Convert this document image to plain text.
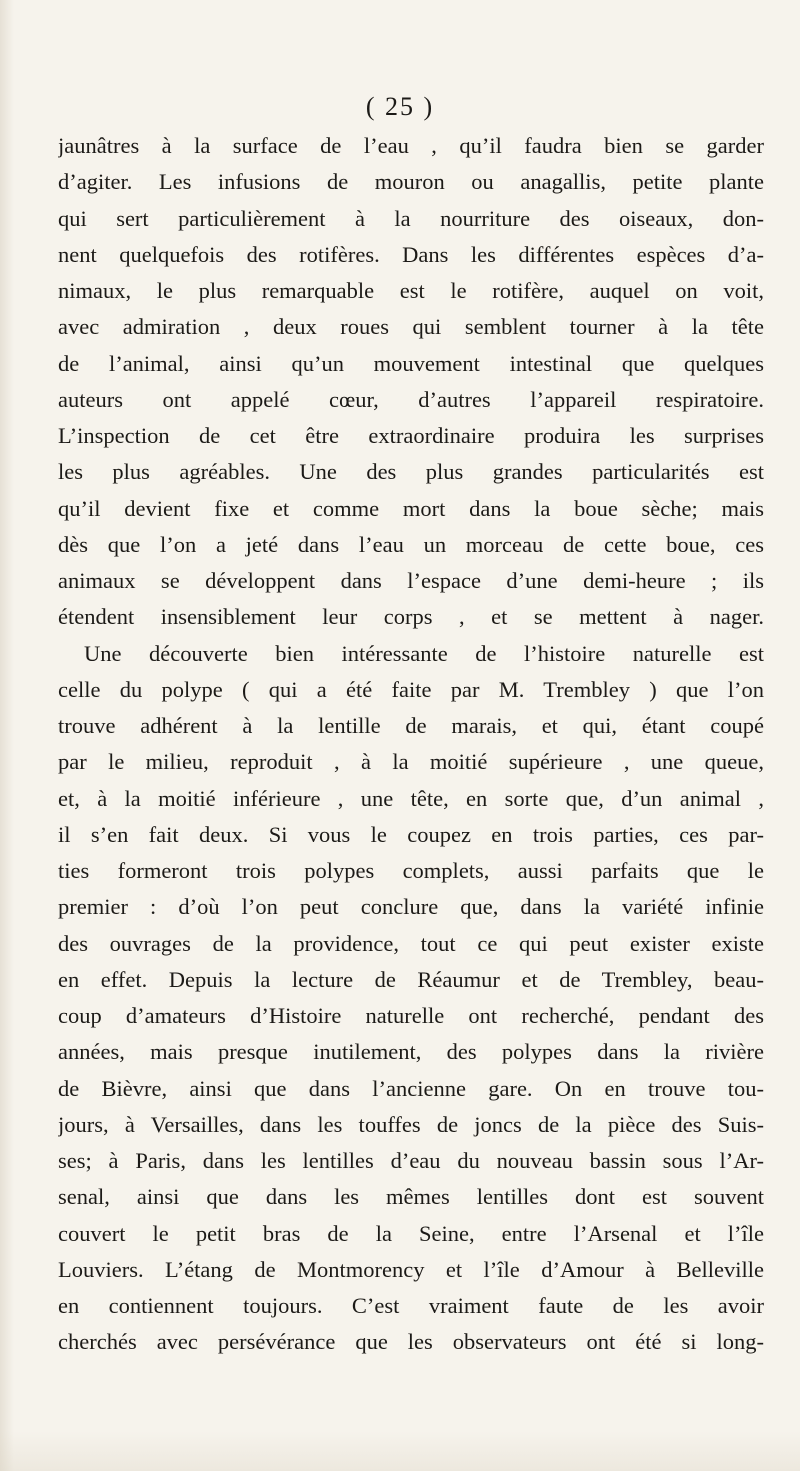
( 25 )
jaunâtres à la surface de l’eau , qu’il faudra bien se garder
d’agiter. Les infusions de mouron ou anagallis, petite plante
qui sert particulièrement à la nourriture des oiseaux, don-
nent quelquefois des rotifères. Dans les différentes espèces d’a-
nimaux, le plus remarquable est le rotifère, auquel on voit,
avec admiration , deux roues qui semblent tourner à la tête
de l’animal, ainsi qu’un mouvement intestinal que quelques
auteurs ont appelé cœur, d’autres l’appareil respiratoire.
L’inspection de cet être extraordinaire produira les surprises
les plus agréables. Une des plus grandes particularités est
qu’il devient fixe et comme mort dans la boue sèche; mais
dès que l’on a jeté dans l’eau un morceau de cette boue, ces
animaux se développent dans l’espace d’une demi-heure ; ils
étendent insensiblement leur corps , et se mettent à nager.
Une découverte bien intéressante de l’histoire naturelle est
celle du polype ( qui a été faite par M. Trembley ) que l’on
trouve adhérent à la lentille de marais, et qui, étant coupé
par le milieu, reproduit , à la moitié supérieure , une queue,
et, à la moitié inférieure , une tête, en sorte que, d’un animal ,
il s’en fait deux. Si vous le coupez en trois parties, ces par-
ties formeront trois polypes complets, aussi parfaits que le
premier : d’où l’on peut conclure que, dans la variété infinie
des ouvrages de la providence, tout ce qui peut exister existe
en effet. Depuis la lecture de Réaumur et de Trembley, beau-
coup d’amateurs d’Histoire naturelle ont recherché, pendant des
années, mais presque inutilement, des polypes dans la rivière
de Bièvre, ainsi que dans l’ancienne gare. On en trouve tou-
jours, à Versailles, dans les touffes de joncs de la pièce des Suis-
ses; à Paris, dans les lentilles d’eau du nouveau bassin sous l’Ar-
senal, ainsi que dans les mêmes lentilles dont est souvent
couvert le petit bras de la Seine, entre l’Arsenal et l’île
Louviers. L’étang de Montmorency et l’île d’Amour à Belleville
en contiennent toujours. C’est vraiment faute de les avoir
cherchés avec persévérance que les observateurs ont été si long-
